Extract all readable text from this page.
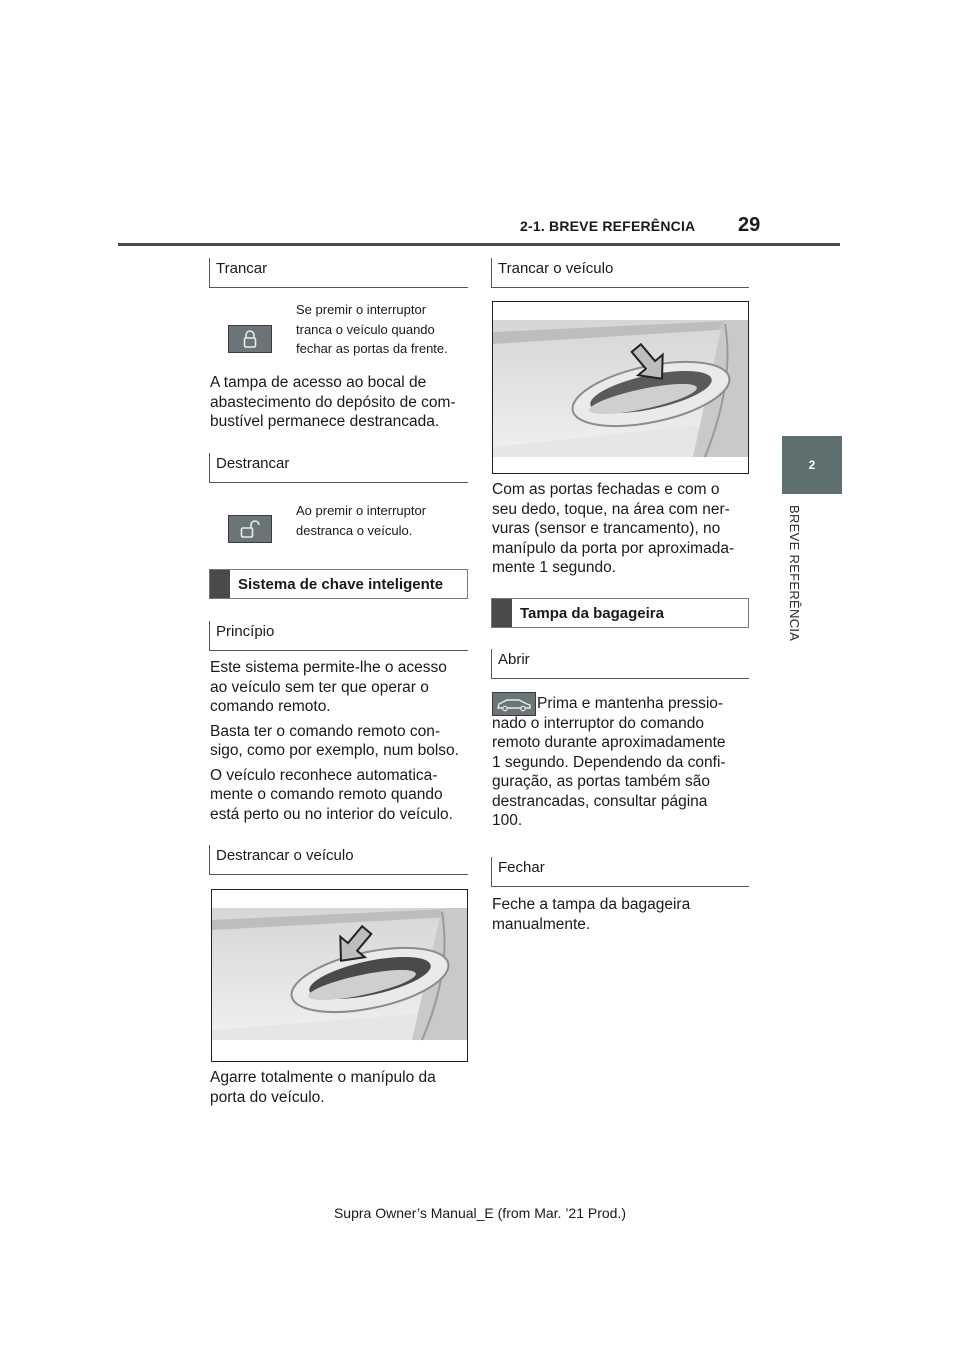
2-1. BREVE REFERÊNCIA 29
2
BREVE REFERÊNCIA
Trancar
Se premir o interruptor
tranca o veículo quando
fechar as portas da frente.
A tampa de acesso ao bocal de
abastecimento do depósito de com-
bustível permanece destrancada.
Destrancar
Ao premir o interruptor
destranca o veículo.
Sistema de chave inteligente
Princípio
Este sistema permite-lhe o acesso
ao veículo sem ter que operar o
comando remoto.
Basta ter o comando remoto con-
sigo, como por exemplo, num bolso.
O veículo reconhece automatica-
mente o comando remoto quando
está perto ou no interior do veículo.
Destrancar o veículo
Agarre totalmente o manípulo da
porta do veículo.
Trancar o veículo
Com as portas fechadas e com o
seu dedo, toque, na área com ner-
vuras (sensor e trancamento), no
manípulo da porta por aproximada-
mente 1 segundo.
Tampa da bagageira
Abrir
Prima e mantenha pressio-
nado o interruptor do comando
remoto durante aproximadamente
1 segundo. Dependendo da confi-
guração, as portas também são
destrancadas, consultar página
100.
Fechar
Feche a tampa da bagageira
manualmente.
Supra Owner’s Manual_E (from Mar. ’21 Prod.)
